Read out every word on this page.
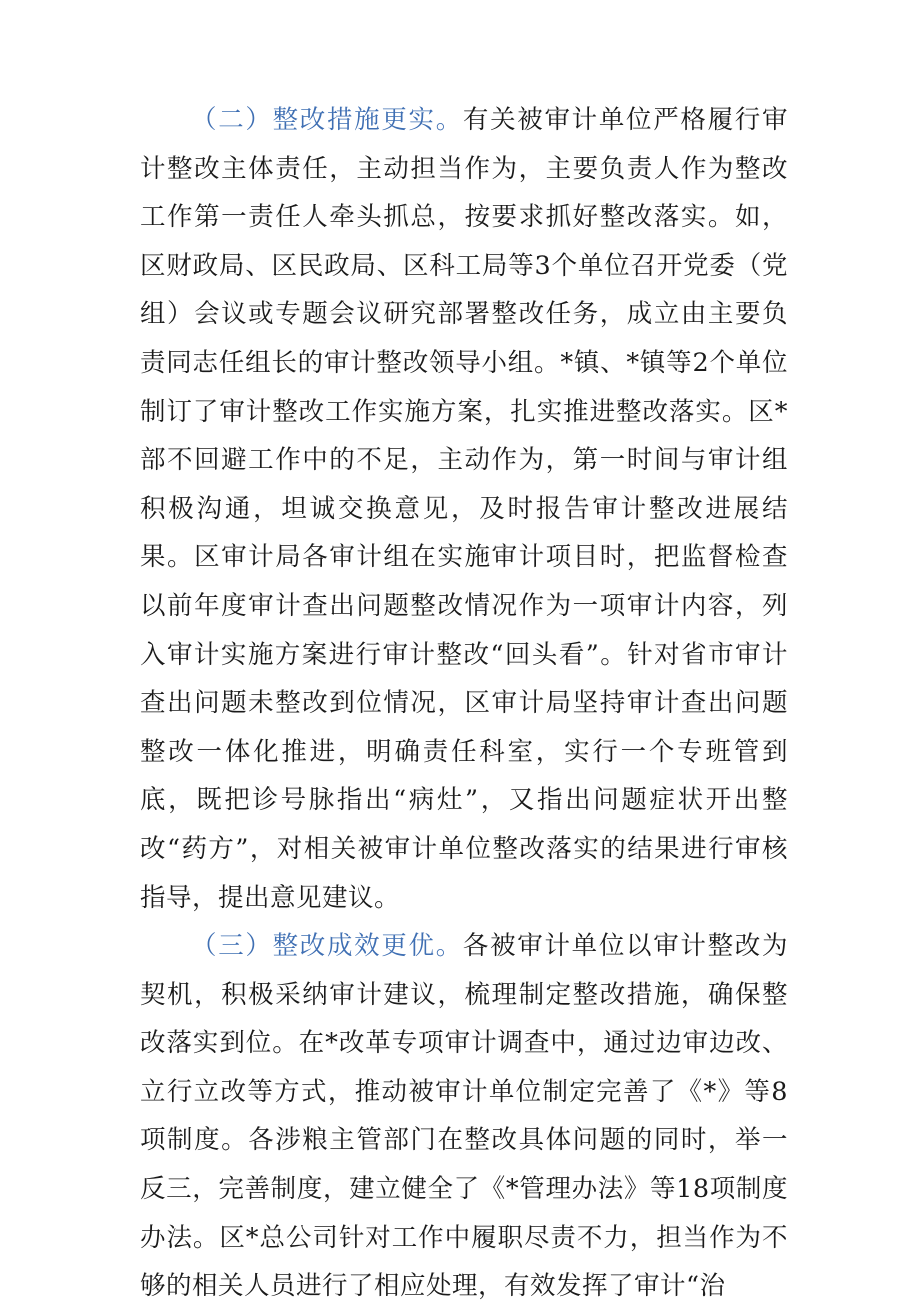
（二）整改措施更实。有关被审计单位严格履行审计整改主体责任，主动担当作为，主要负责人作为整改工作第一责任人牵头抓总，按要求抓好整改落实。如，区财政局、区民政局、区科工局等3个单位召开党委（党组）会议或专题会议研究部署整改任务，成立由主要负责同志任组长的审计整改领导小组。*镇、*镇等2个单位制订了审计整改工作实施方案，扎实推进整改落实。区*部不回避工作中的不足，主动作为，第一时间与审计组积极沟通，坦诚交换意见，及时报告审计整改进展结果。区审计局各审计组在实施审计项目时，把监督检查以前年度审计查出问题整改情况作为一项审计内容，列入审计实施方案进行审计整改“回头看”。针对省市审计查出问题未整改到位情况，区审计局坚持审计查出问题整改一体化推进，明确责任科室，实行一个专班管到底，既把诊号脉指出“病灶”，又指出问题症状开出整改“药方”，对相关被审计单位整改落实的结果进行审核指导，提出意见建议。

（三）整改成效更优。各被审计单位以审计整改为契机，积极采纳审计建议，梳理制定整改措施，确保整改落实到位。在*改革专项审计调查中，通过边审边改、立行立改等方式，推动被审计单位制定完善了《*》等8项制度。各涉粮主管部门在整改具体问题的同时，举一反三，完善制度，建立健全了《*管理办法》等18项制度办法。区*总公司针对工作中履职尽责不力，担当作为不够的相关人员进行了相应处理，有效发挥了审计“治
